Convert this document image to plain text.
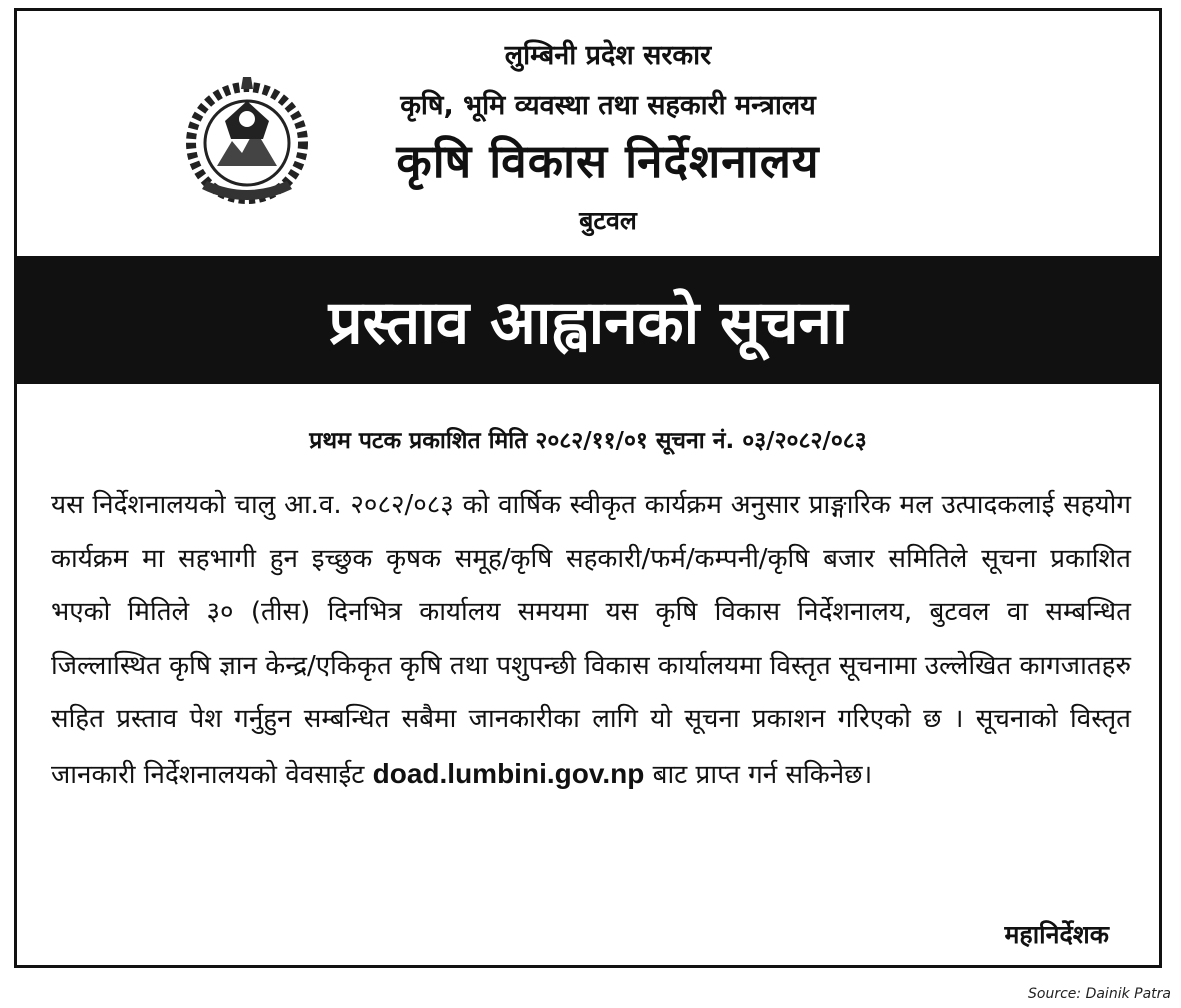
लुम्बिनी प्रदेश सरकार
कृषि, भूमि व्यवस्था तथा सहकारी मन्त्रालय
कृषि विकास निर्देशनालय
बुटवल
प्रस्ताव आह्वानको सूचना
प्रथम पटक प्रकाशित मिति २०८२/११/०१ सूचना नं. ०३/२०८२/०८३

यस निर्देशनालयको चालु आ.व. २०८२/०८३ को वार्षिक स्वीकृत कार्यक्रम अनुसार प्राङ्गारिक मल उत्पादकलाई सहयोग कार्यक्रम मा सहभागी हुन इच्छुक कृषक समूह/कृषि सहकारी/फर्म/कम्पनी/कृषि बजार समितिले सूचना प्रकाशित भएको मितिले ३० (तीस) दिनभित्र कार्यालय समयमा यस कृषि विकास निर्देशनालय, बुटवल वा सम्बन्धित जिल्लास्थित कृषि ज्ञान केन्द्र/एकिकृत कृषि तथा पशुपन्छी विकास कार्यालयमा विस्तृत सूचनामा उल्लेखित कागजातहरु सहित प्रस्ताव पेश गर्नुहुन सम्बन्धित सबैमा जानकारीका लागि यो सूचना प्रकाशन गरिएको छ । सूचनाको विस्तृत जानकारी निर्देशनालयको वेवसाईट doad.lumbini.gov.np बाट प्राप्त गर्न सकिनेछ।

महानिर्देशक
Source: Dainik Patra
